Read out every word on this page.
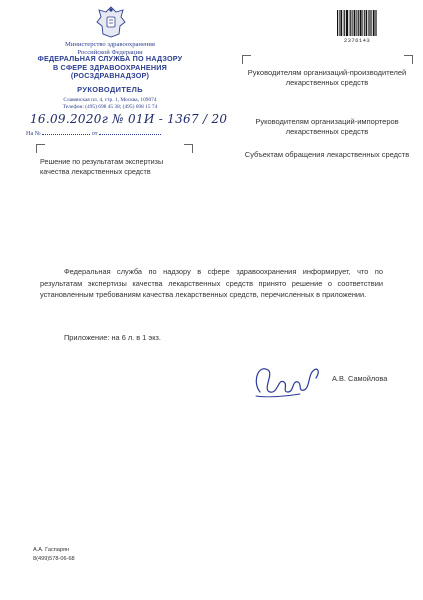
Министерство здравоохранения
Российской Федерации
ФЕДЕРАЛЬНАЯ СЛУЖБА ПО НАДЗОРУ
В СФЕРЕ ЗДРАВООХРАНЕНИЯ
(РОСЗДРАВНАДЗОР)
РУКОВОДИТЕЛЬ
Славянская пл. 4, стр. 1, Москва, 109074
Телефон: (495) 698 45 38; (495) 698 15 74
16.09.2020г № 01И - 1367 / 20
На №	от
Решение по результатам экспертизы качества лекарственных средств
2376143
Руководителям организаций-производителей лекарственных средств
Руководителям организаций-импортеров лекарственных средств
Субъектам обращения лекарственных средств
Федеральная служба по надзору в сфере здравоохранения информирует, что по результатам экспертизы качества лекарственных средств принято решение о соответствии установленным требованиям качества лекарственных средств, перечисленных в приложении.
Приложение: на 6 л. в 1 экз.
А.В. Самойлова
А.А. Гаспарян
8(499)578-06-68
